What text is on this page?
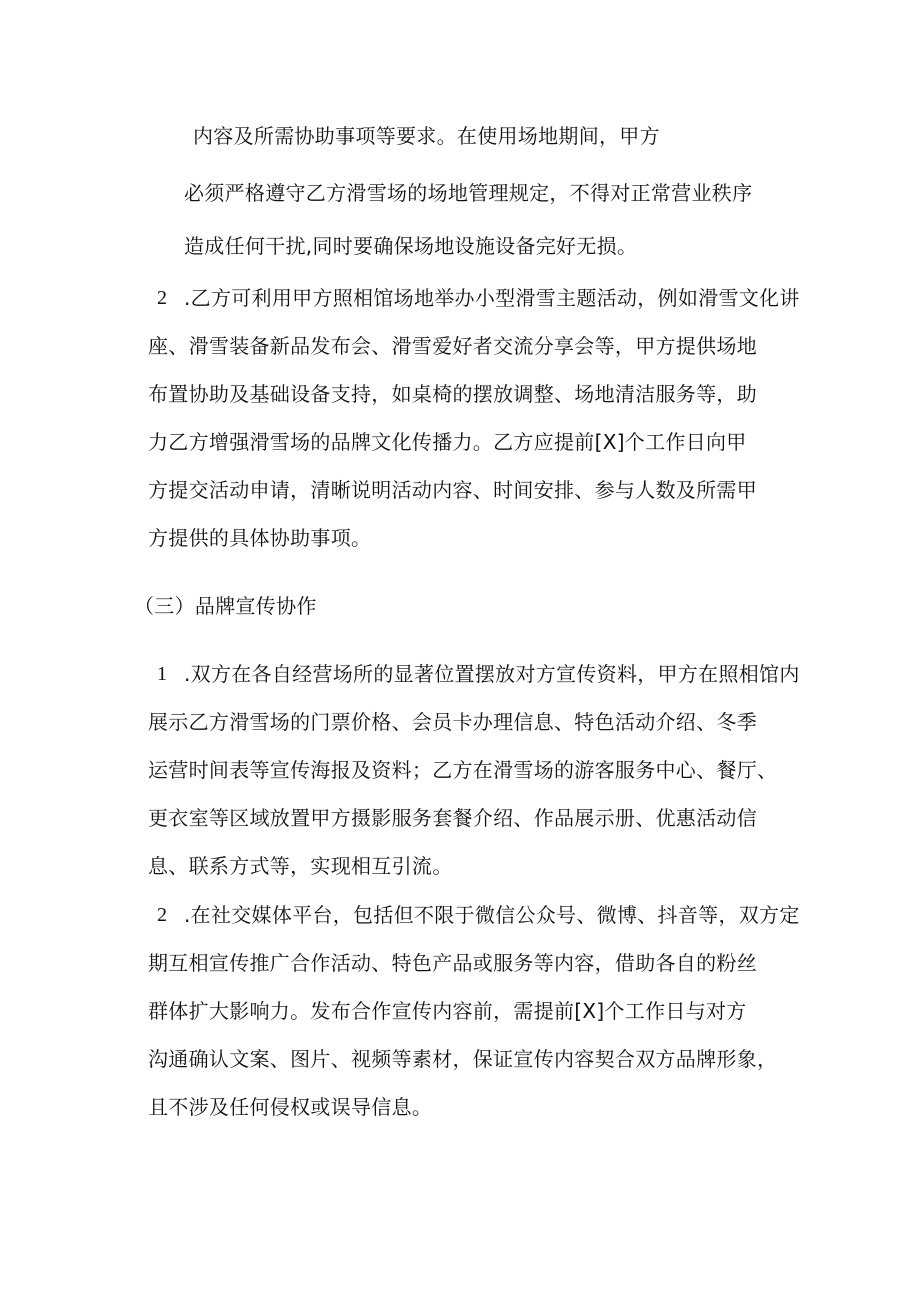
内容及所需协助事项等要求。在使用场地期间，甲方
必须严格遵守乙方滑雪场的场地管理规定，不得对正常营业秩序
造成任何干扰,同时要确保场地设施设备完好无损。
2 .乙方可利用甲方照相馆场地举办小型滑雪主题活动，例如滑雪文化讲
座、滑雪装备新品发布会、滑雪爱好者交流分享会等，甲方提供场地
布置协助及基础设备支持，如桌椅的摆放调整、场地清洁服务等，助
力乙方增强滑雪场的品牌文化传播力。乙方应提前[X]个工作日向甲
方提交活动申请，清晰说明活动内容、时间安排、参与人数及所需甲
方提供的具体协助事项。
（三）品牌宣传协作
1 .双方在各自经营场所的显著位置摆放对方宣传资料，甲方在照相馆内
展示乙方滑雪场的门票价格、会员卡办理信息、特色活动介绍、冬季
运营时间表等宣传海报及资料；乙方在滑雪场的游客服务中心、餐厅、
更衣室等区域放置甲方摄影服务套餐介绍、作品展示册、优惠活动信
息、联系方式等，实现相互引流。
2 .在社交媒体平台，包括但不限于微信公众号、微博、抖音等，双方定
期互相宣传推广合作活动、特色产品或服务等内容，借助各自的粉丝
群体扩大影响力。发布合作宣传内容前，需提前[X]个工作日与对方
沟通确认文案、图片、视频等素材，保证宣传内容契合双方品牌形象，
且不涉及任何侵权或误导信息。
